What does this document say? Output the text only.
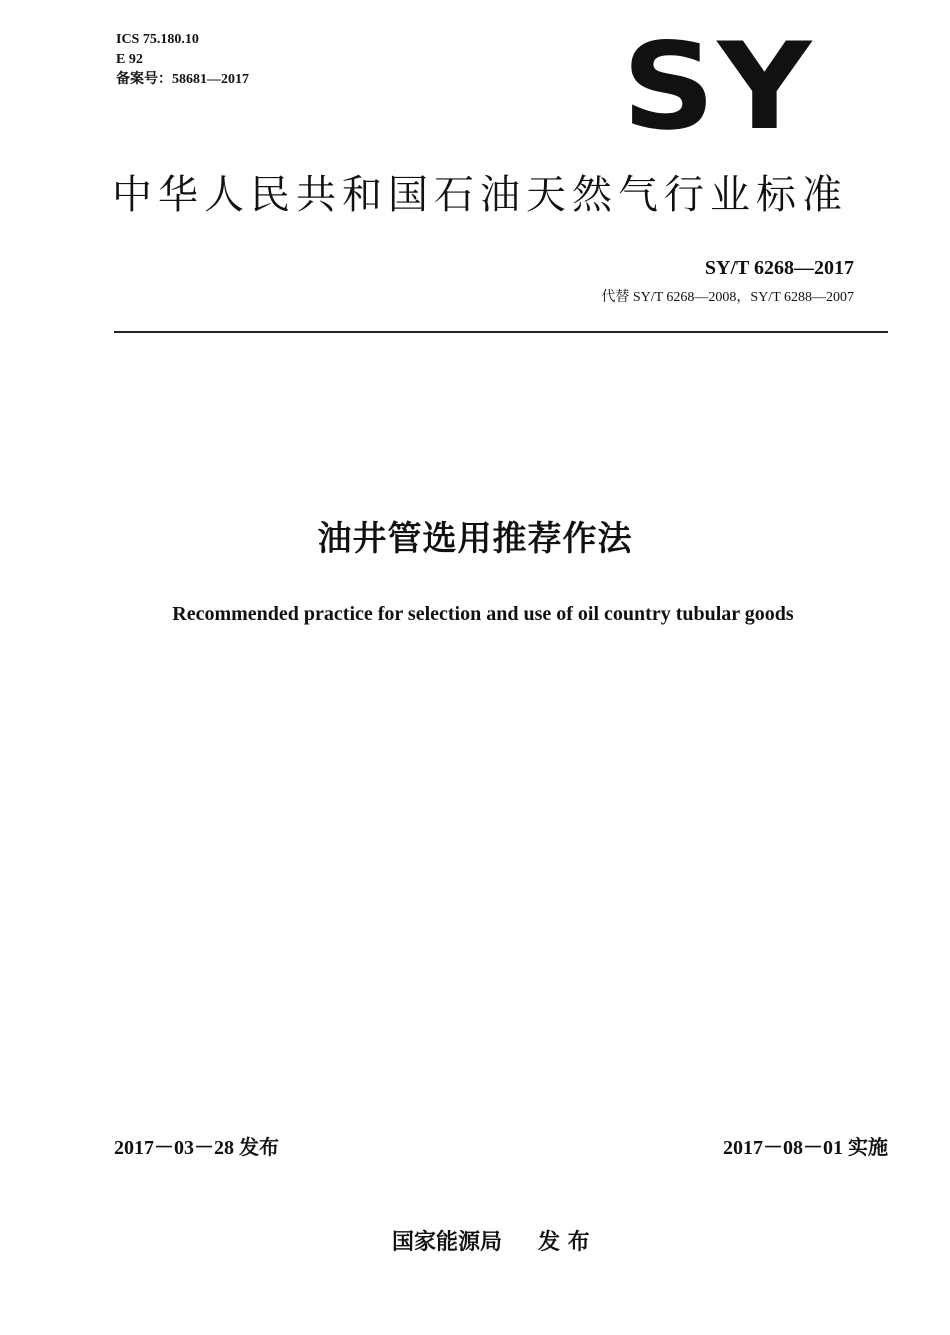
ICS 75.180.10
E 92
备案号：58681—2017	SY
中华人民共和国石油天然气行业标准
SY/T 6268—2017
代替 SY/T 6268—2008，SY/T 6288—2007
油井管选用推荐作法
Recommended practice for selection and use of oil country tubular goods
2017－03－28 发布	2017－08－01 实施
国家能源局 发 布
